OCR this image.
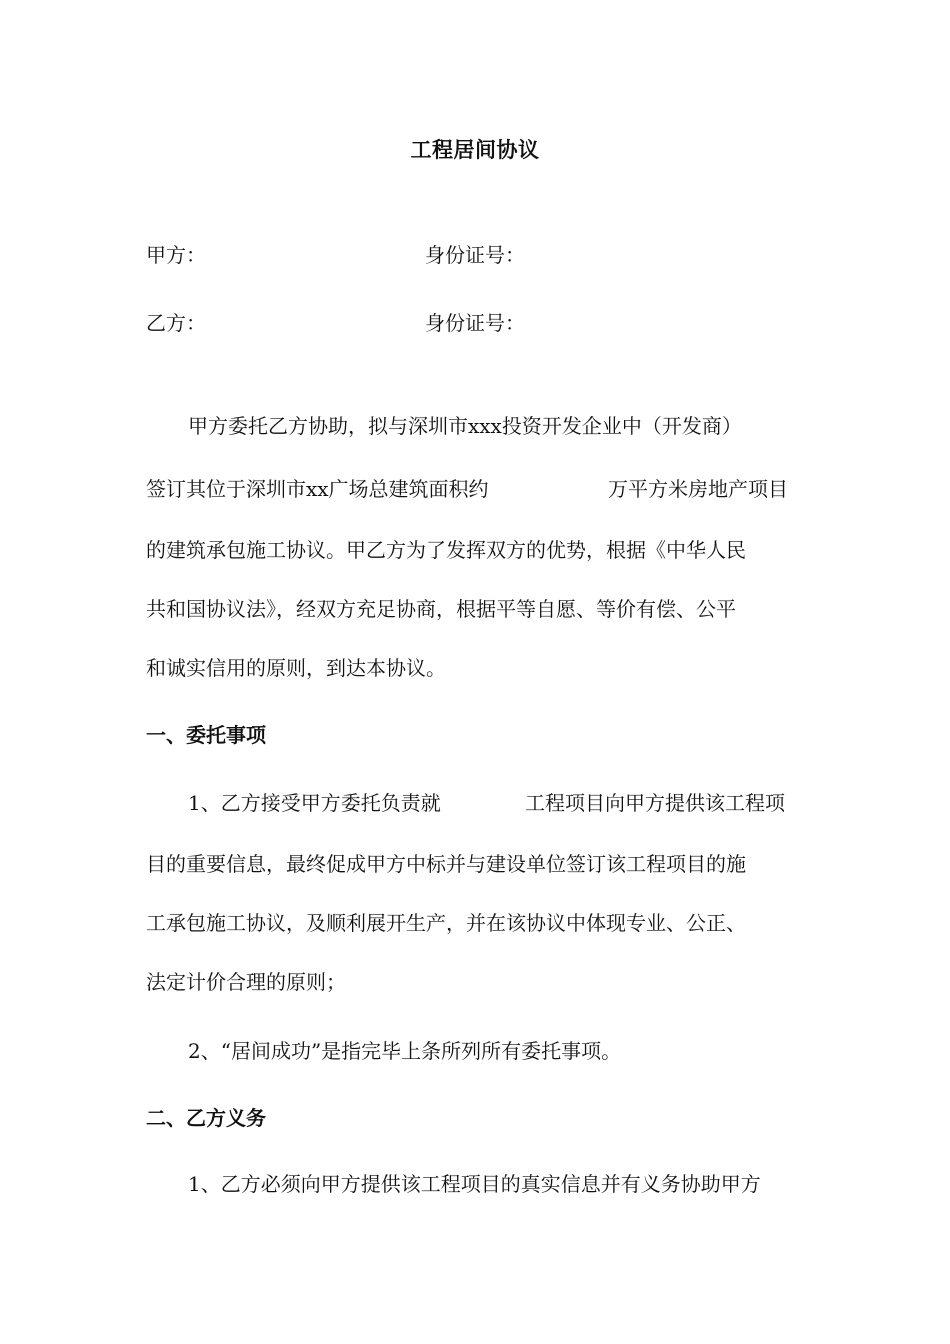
工程居间协议
甲方：	身份证号：
乙方：	身份证号：
甲方委托乙方协助，拟与深圳市xxx投资开发企业中（开发商）
签订其位于深圳市xx广场总建筑面积约	万平方米房地产项目
的建筑承包施工协议。甲乙方为了发挥双方的优势，根据《中华人民
共和国协议法》，经双方充足协商，根据平等自愿、等价有偿、公平
和诚实信用的原则，到达本协议。
一、委托事项
1、乙方接受甲方委托负责就	工程项目向甲方提供该工程项
目的重要信息，最终促成甲方中标并与建设单位签订该工程项目的施
工承包施工协议，及顺利展开生产，并在该协议中体现专业、公正、
法定计价合理的原则；
2、“居间成功”是指完毕上条所列所有委托事项。
二、乙方义务
1、乙方必须向甲方提供该工程项目的真实信息并有义务协助甲方
